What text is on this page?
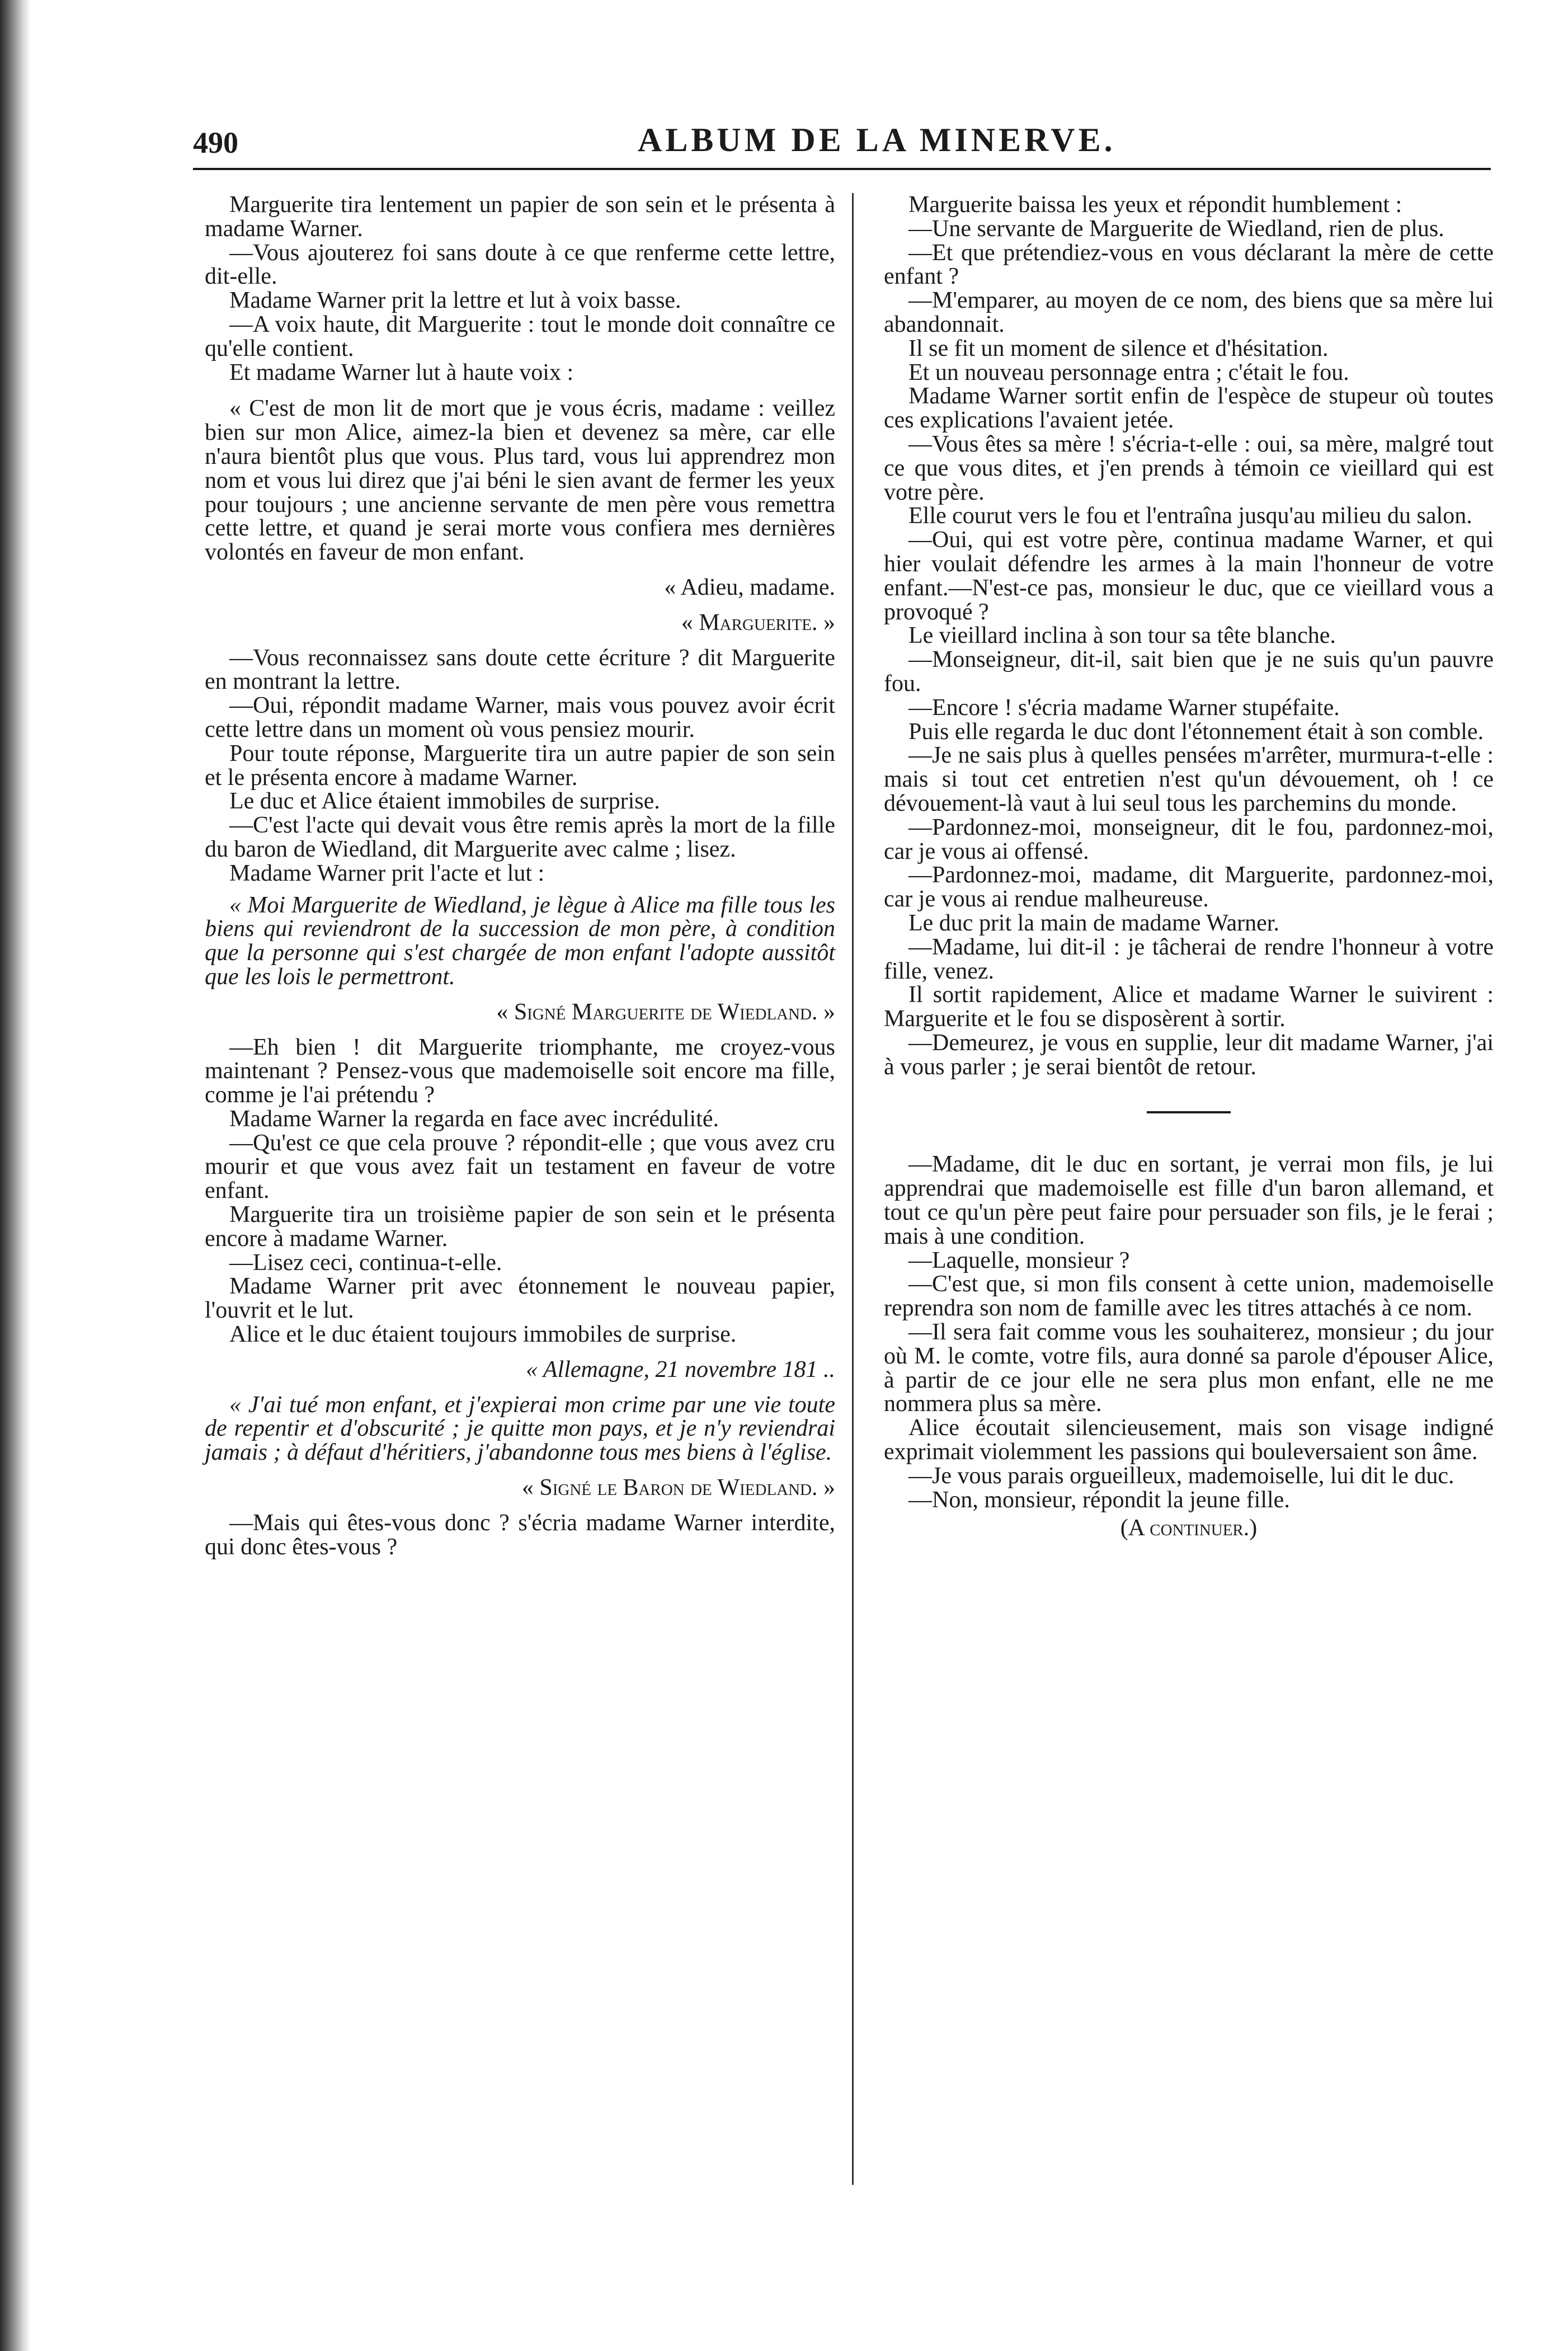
490	ALBUM DE LA MINERVE.

Marguerite tira lentement un papier de son sein et le présenta à madame Warner.

—Vous ajouterez foi sans doute à ce que renferme cette lettre, dit-elle.

Madame Warner prit la lettre et lut à voix basse.

—A voix haute, dit Marguerite : tout le monde doit connaître ce qu'elle contient.

Et madame Warner lut à haute voix :

« C'est de mon lit de mort que je vous écris, madame : veillez bien sur mon Alice, aimez-la bien et devenez sa mère, car elle n'aura bientôt plus que vous. Plus tard, vous lui apprendrez mon nom et vous lui direz que j'ai béni le sien avant de fermer les yeux pour toujours ; une ancienne servante de men père vous remettra cette lettre, et quand je serai morte vous confiera mes dernières volontés en faveur de mon enfant.

« Adieu, madame.

« Marguerite. »

—Vous reconnaissez sans doute cette écriture ? dit Marguerite en montrant la lettre.

—Oui, répondit madame Warner, mais vous pouvez avoir écrit cette lettre dans un moment où vous pensiez mourir.

Pour toute réponse, Marguerite tira un autre papier de son sein et le présenta encore à madame Warner.

Le duc et Alice étaient immobiles de surprise.

—C'est l'acte qui devait vous être remis après la mort de la fille du baron de Wiedland, dit Marguerite avec calme ; lisez.

Madame Warner prit l'acte et lut :

« Moi Marguerite de Wiedland, je lègue à Alice ma fille tous les biens qui reviendront de la succession de mon père, à condition que la personne qui s'est chargée de mon enfant l'adopte aussitôt que les lois le permettront.

« Signé Marguerite de Wiedland. »

—Eh bien ! dit Marguerite triomphante, me croyez-vous maintenant ? Pensez-vous que mademoiselle soit encore ma fille, comme je l'ai prétendu ?

Madame Warner la regarda en face avec incrédulité.

—Qu'est ce que cela prouve ? répondit-elle ; que vous avez cru mourir et que vous avez fait un testament en faveur de votre enfant.

Marguerite tira un troisième papier de son sein et le présenta encore à madame Warner.

—Lisez ceci, continua-t-elle.

Madame Warner prit avec étonnement le nouveau papier, l'ouvrit et le lut.

Alice et le duc étaient toujours immobiles de surprise.

« Allemagne, 21 novembre 181 ..

« J'ai tué mon enfant, et j'expierai mon crime par une vie toute de repentir et d'obscurité ; je quitte mon pays, et je n'y reviendrai jamais ; à défaut d'héritiers, j'abandonne tous mes biens à l'église.

« Signé le Baron de Wiedland. »

—Mais qui êtes-vous donc ? s'écria madame Warner interdite, qui donc êtes-vous ?

Marguerite baissa les yeux et répondit humblement :

—Une servante de Marguerite de Wiedland, rien de plus.

—Et que prétendiez-vous en vous déclarant la mère de cette enfant ?

—M'emparer, au moyen de ce nom, des biens que sa mère lui abandonnait.

Il se fit un moment de silence et d'hésitation.

Et un nouveau personnage entra ; c'était le fou.

Madame Warner sortit enfin de l'espèce de stupeur où toutes ces explications l'avaient jetée.

—Vous êtes sa mère ! s'écria-t-elle : oui, sa mère, malgré tout ce que vous dites, et j'en prends à témoin ce vieillard qui est votre père.

Elle courut vers le fou et l'entraîna jusqu'au milieu du salon.

—Oui, qui est votre père, continua madame Warner, et qui hier voulait défendre les armes à la main l'honneur de votre enfant.—N'est-ce pas, monsieur le duc, que ce vieillard vous a provoqué ?

Le vieillard inclina à son tour sa tête blanche.

—Monseigneur, dit-il, sait bien que je ne suis qu'un pauvre fou.

—Encore ! s'écria madame Warner stupéfaite.

Puis elle regarda le duc dont l'étonnement était à son comble.

—Je ne sais plus à quelles pensées m'arrêter, murmura-t-elle : mais si tout cet entretien n'est qu'un dévouement, oh ! ce dévouement-là vaut à lui seul tous les parchemins du monde.

—Pardonnez-moi, monseigneur, dit le fou, pardonnez-moi, car je vous ai offensé.

—Pardonnez-moi, madame, dit Marguerite, pardonnez-moi, car je vous ai rendue malheureuse.

Le duc prit la main de madame Warner.

—Madame, lui dit-il : je tâcherai de rendre l'honneur à votre fille, venez.

Il sortit rapidement, Alice et madame Warner le suivirent : Marguerite et le fou se disposèrent à sortir.

—Demeurez, je vous en supplie, leur dit madame Warner, j'ai à vous parler ; je serai bientôt de retour.

—Madame, dit le duc en sortant, je verrai mon fils, je lui apprendrai que mademoiselle est fille d'un baron allemand, et tout ce qu'un père peut faire pour persuader son fils, je le ferai ; mais à une condition.

—Laquelle, monsieur ?

—C'est que, si mon fils consent à cette union, mademoiselle reprendra son nom de famille avec les titres attachés à ce nom.

—Il sera fait comme vous les souhaiterez, monsieur ; du jour où M. le comte, votre fils, aura donné sa parole d'épouser Alice, à partir de ce jour elle ne sera plus mon enfant, elle ne me nommera plus sa mère.

Alice écoutait silencieusement, mais son visage indigné exprimait violemment les passions qui bouleversaient son âme.

—Je vous parais orgueilleux, mademoiselle, lui dit le duc.

—Non, monsieur, répondit la jeune fille.

(A continuer.)
